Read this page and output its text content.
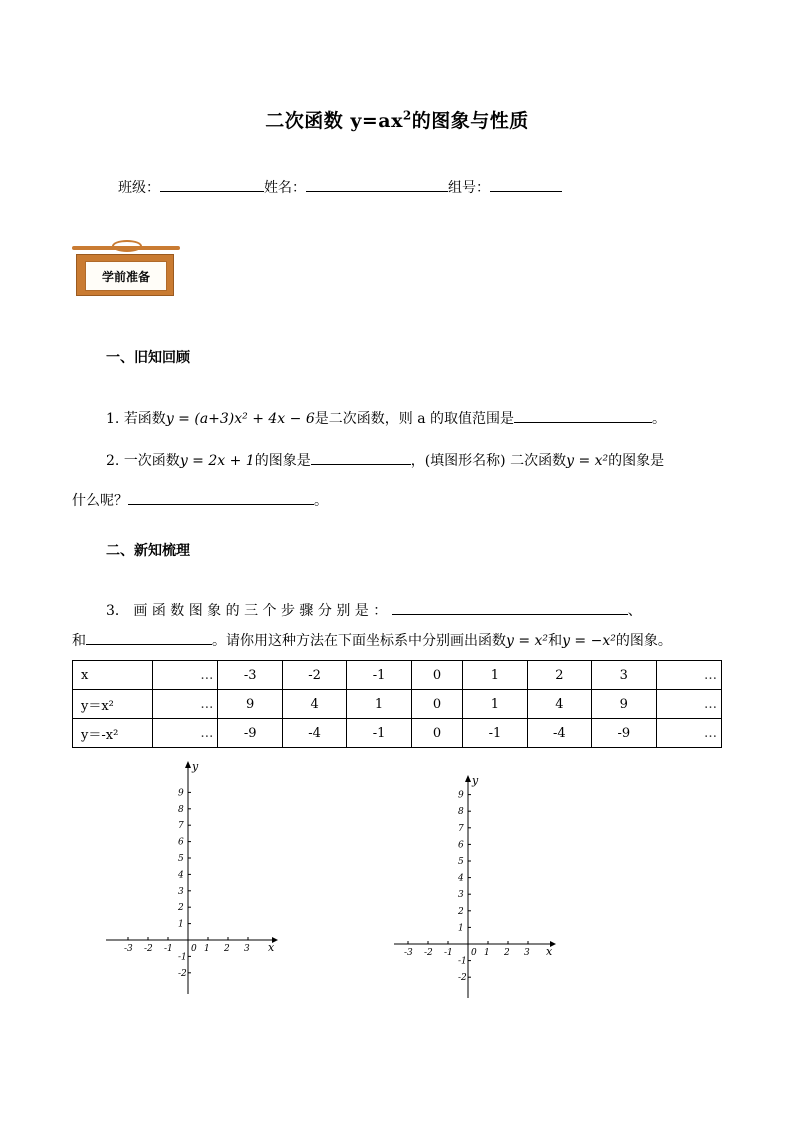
二次函数 $y=ax^2$的图象与性质
班级：	姓名：	组号：
学前准备
一、旧知回顾
1. 若函数y = (a+3)x² + 4x − 6是二次函数，则 a 的取值范围是	。
2. 一次函数y = 2x + 1的图象是	，(填图形名称) 二次函数y = x²的图象是
什么呢？	。
二、新知梳理
3． 画 函 数 图 象 的 三 个 步 骤 分 别 是 ：	、
和	。请你用这种方法在下面坐标系中分别画出函数y = x²和y = −x²的图象。
x	…	-3	-2	-1	0	1	2	3	…
y＝x²	…	9	4	1	0	1	4	9	…
y＝-x²	…	-9	-4	-1	0	-1	-4	-9	…
-3 -2 -1 0 1 2 3
9
8
7
6
5
4
3
2
1
-1
-2
x
y
-3 -2 -1 0 1 2 3
9
8
7
6
5
4
3
2
1
-1
-2
x
y
